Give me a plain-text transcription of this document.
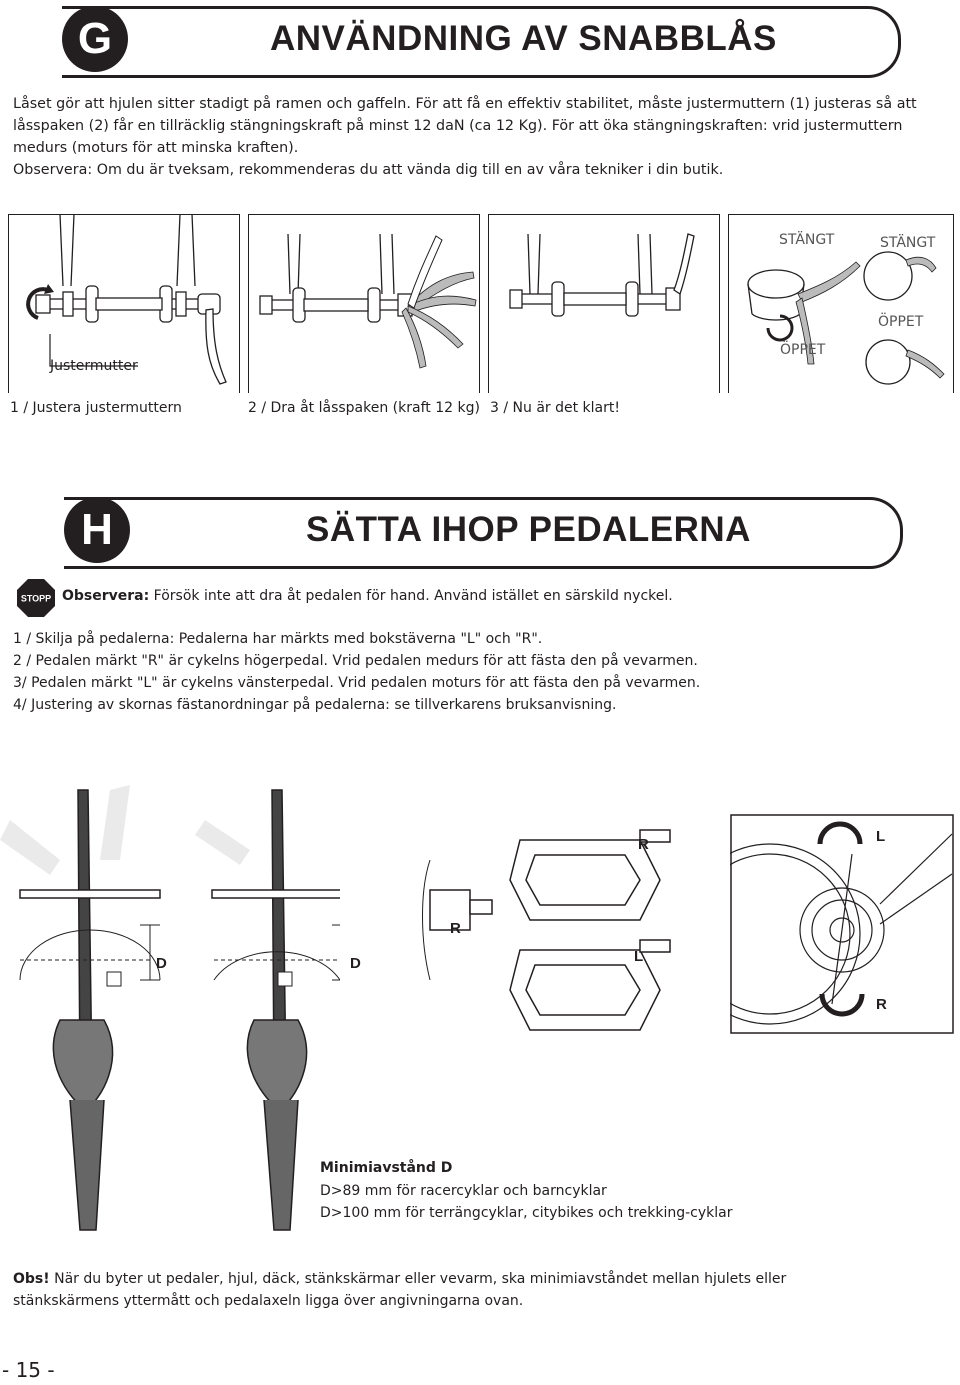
G	ANVÄNDNING AV SNABBLÅS

Låset gör att hjulen sitter stadigt på ramen och gaffeln. För att få en effektiv stabilitet, måste justermuttern (1) justeras så att låsspaken (2) får en tillräcklig stängningskraft på minst 12 daN (ca 12 Kg). För att öka stängningskraften: vrid justermuttern medurs (moturs för att minska kraften).

Observera: Om du är tveksam, rekommenderas du att vända dig till en av våra tekniker i din butik.

Justermutter
STÄNGT	STÄNGT
ÖPPET
ÖPPET
1 / Justera justermuttern	2 / Dra åt låsspaken (kraft 12 kg) 3 / Nu är det klart!
H	SÄTTA IHOP PEDALERNA
STOPP Observera: Försök inte att dra åt pedalen för hand. Använd istället en särskild nyckel.
1 / Skilja på pedalerna: Pedalerna har märkts med bokstäverna "L" och "R".
2 / Pedalen märkt "R" är cykelns högerpedal. Vrid pedalen medurs för att fästa den på vevarmen.
3/ Pedalen märkt "L" är cykelns vänsterpedal. Vrid pedalen moturs för att fästa den på vevarmen.
4/ Justering av skornas fästanordningar på pedalerna: se tillverkarens bruksanvisning.
D	D
R
R
L
L
R
Minimiavstånd D
D>89 mm för racercyklar och barncyklar
D>100 mm för terrängcyklar, citybikes och trekking-cyklar
Obs! När du byter ut pedaler, hjul, däck, stänkskärmar eller vevarm, ska minimiavståndet mellan hjulets eller stänkskärmens yttermått och pedalaxeln ligga över angivningarna ovan.
- 15 -
